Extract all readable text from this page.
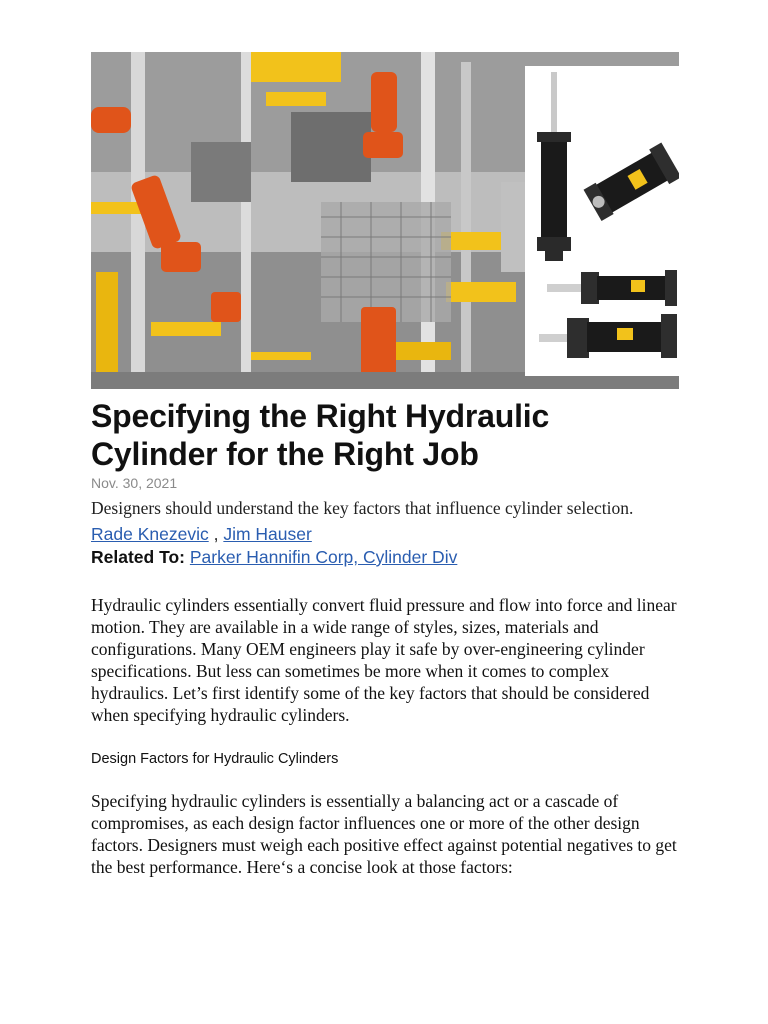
Specifying the Right Hydraulic Cylinder for the Right Job
Nov. 30, 2021
Designers should understand the key factors that influence cylinder selection.
Rade Knezevic , Jim Hauser
Related To: Parker Hannifin Corp, Cylinder Div

Hydraulic cylinders essentially convert fluid pressure and flow into force and linear motion. They are available in a wide range of styles, sizes, materials and configurations. Many OEM engineers play it safe by over-engineering cylinder specifications. But less can sometimes be more when it comes to complex hydraulics. Let’s first identify some of the key factors that should be considered when specifying hydraulic cylinders.

Design Factors for Hydraulic Cylinders

Specifying hydraulic cylinders is essentially a balancing act or a cascade of compromises, as each design factor influences one or more of the other design factors. Designers must weigh each positive effect against potential negatives to get the best performance. Here‘s a concise look at those factors:
